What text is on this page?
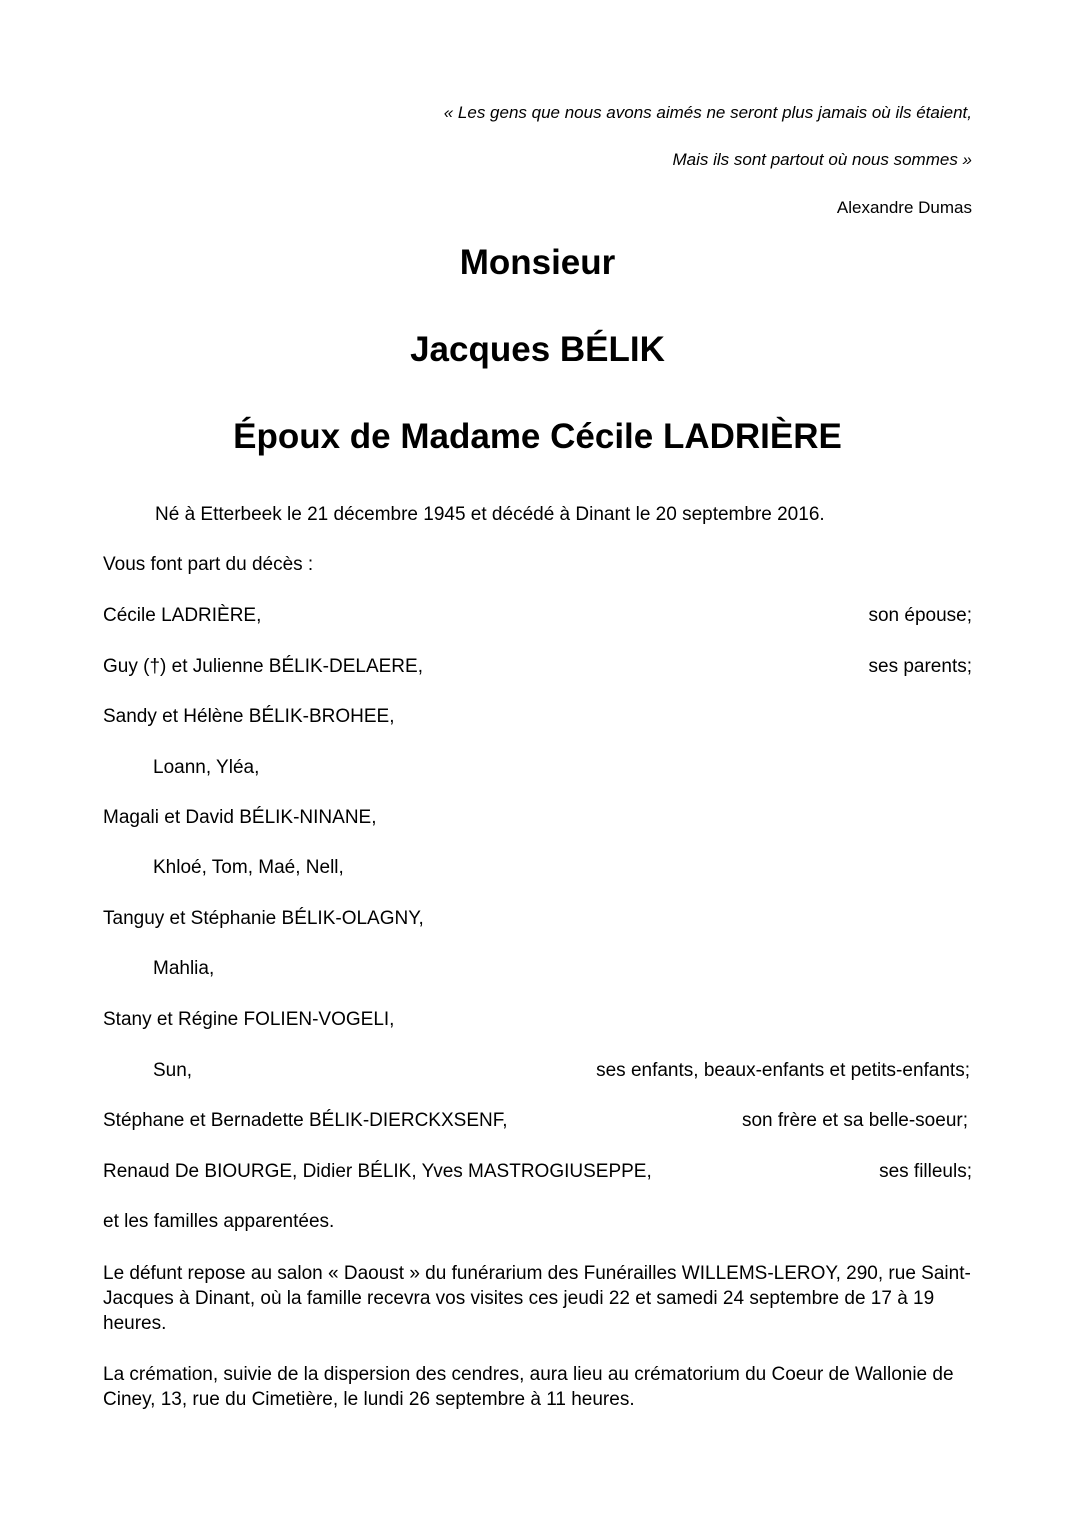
« Les gens que nous avons aimés ne seront plus jamais où ils étaient,
Mais ils sont partout où nous sommes »
Alexandre Dumas
Monsieur
Jacques BÉLIK
Époux de Madame Cécile LADRIÈRE
Né à Etterbeek le 21 décembre 1945 et décédé à Dinant le 20 septembre 2016.
Vous font part du décès :
Cécile LADRIÈRE,	son épouse;
Guy (†) et Julienne BÉLIK-DELAERE,	ses parents;
Sandy et Hélène BÉLIK-BROHEE,
Loann, Yléa,
Magali et David BÉLIK-NINANE,
Khloé, Tom, Maé, Nell,
Tanguy et Stéphanie BÉLIK-OLAGNY,
Mahlia,
Stany et Régine FOLIEN-VOGELI,
Sun,	ses enfants, beaux-enfants et petits-enfants;
Stéphane et Bernadette BÉLIK-DIERCKXSENF,	son frère et sa belle-soeur;
Renaud De BIOURGE, Didier BÉLIK, Yves MASTROGIUSEPPE,	ses filleuls;
et les familles apparentées.
Le défunt repose au salon « Daoust » du funérarium des Funérailles WILLEMS-LEROY, 290, rue Saint-Jacques à Dinant, où la famille recevra vos visites ces jeudi 22 et samedi 24 septembre de 17 à 19 heures.
La crémation, suivie de la dispersion des cendres, aura lieu au crématorium du Coeur de Wallonie de Ciney, 13, rue du Cimetière, le lundi 26 septembre à 11 heures.
